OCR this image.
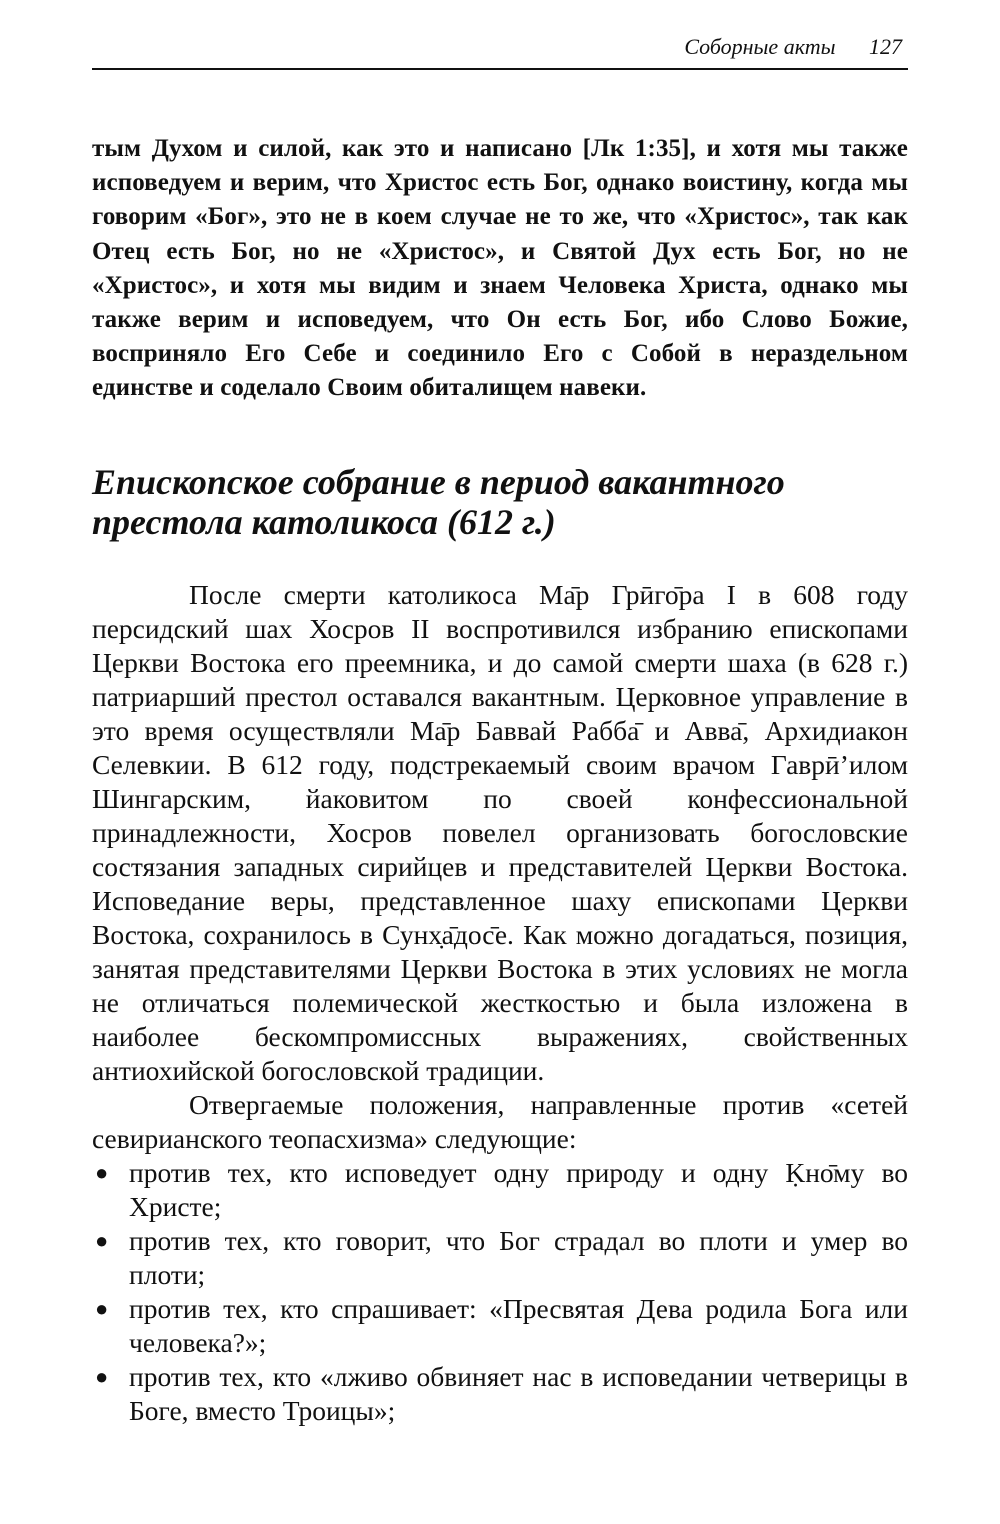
Соборные акты 127

тым Духом и силой, как это и написано [Лк 1:35], и хотя мы также исповедуем и верим, что Христос есть Бог, однако воистину, когда мы говорим «Бог», это не в коем случае не то же, что «Христос», так как Отец есть Бог, но не «Христос», и Святой Дух есть Бог, но не «Христос», и хотя мы видим и знаем Человека Христа, однако мы также верим и исповедуем, что Он есть Бог, ибо Слово Божие, восприняло Его Себе и соединило Его с Собой в нераздельном единстве и соделало Своим обиталищем навеки.

Епископское собрание в период вакантного престола католикоса (612 г.)

После смерти католикоса Ма̄р Грӣго̄ра I в 608 году персидский шах Хосров II воспротивился избранию епископами Церкви Востока его преемника, и до самой смерти шаха (в 628 г.) патриарший престол оставался вакантным. Церковное управление в это время осуществляли Ма̄р Баввай Рабба̄ и Авва̄, Архидиакон Селевкии. В 612 году, подстрекаемый своим врачом Гаврӣ’илом Шингарским, йаковитом по своей конфессиональной принадлежности, Хосров повелел организовать богословские состязания западных сирийцев и представителей Церкви Востока. Исповедание веры, представленное шаху епископами Церкви Востока, сохранилось в Сунх̣а̄дос̄е. Как можно догадаться, позиция, занятая представителями Церкви Востока в этих условиях не могла не отличаться полемической жесткостью и была изложена в наиболее бескомпромиссных выражениях, свойственных антиохийской богословской традиции.

Отвергаемые положения, направленные против «сетей севирианского теопасхизма» следующие:

● против тех, кто исповедует одну природу и одну Ḳно̄му во Христе;
● против тех, кто говорит, что Бог страдал во плоти и умер во плоти;
● против тех, кто спрашивает: «Пресвятая Дева родила Бога или человека?»;
● против тех, кто «лживо обвиняет нас в исповедании четверицы в Боге, вместо Троицы»;
